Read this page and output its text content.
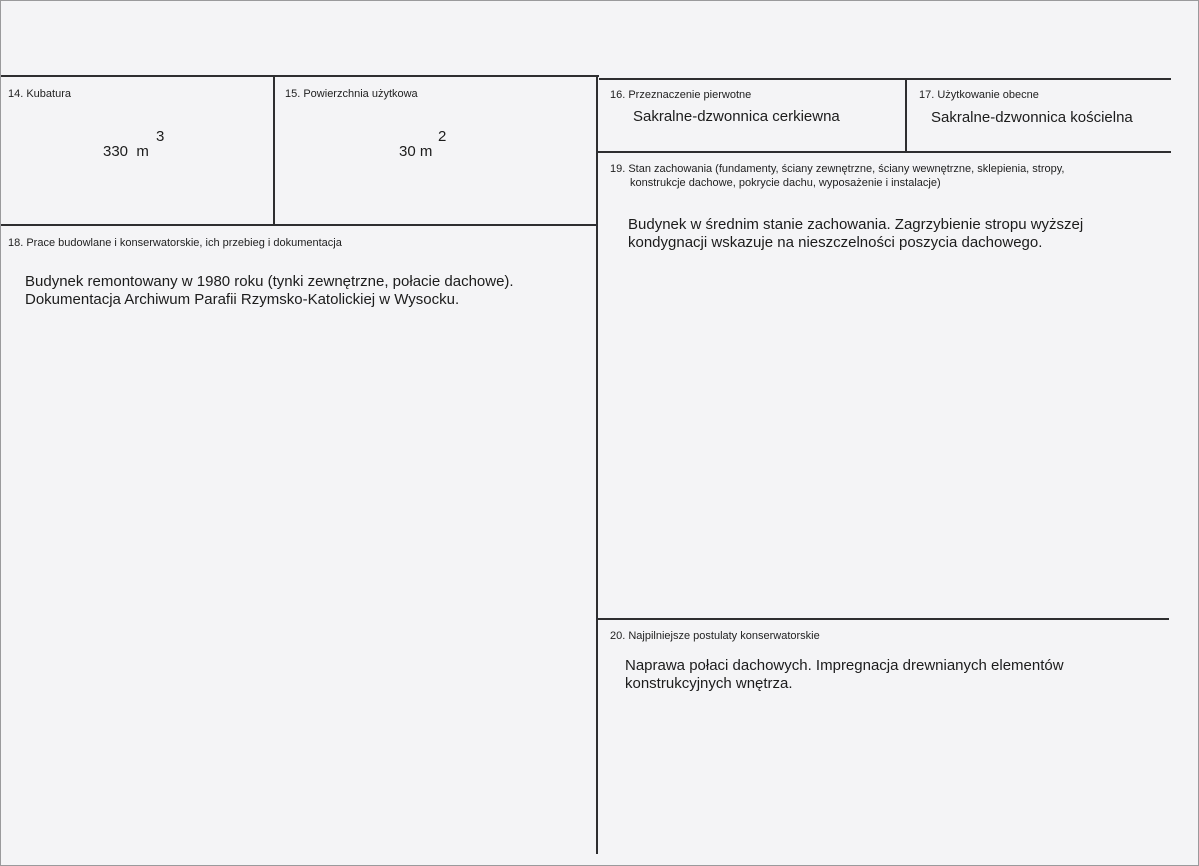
14. Kubatura
330  m
3
15. Powierzchnia użytkowa
30 m
2
16. Przeznaczenie pierwotne
Sakralne-dzwonnica cerkiewna
17. Użytkowanie obecne
Sakralne-dzwonnica kościelna
18. Prace budowlane i konserwatorskie, ich przebieg i dokumentacja
Budynek remontowany w 1980 roku (tynki zewnętrzne, połacie dachowe).
Dokumentacja Archiwum Parafii Rzymsko-Katolickiej w Wysocku.
19. Stan zachowania (fundamenty, ściany zewnętrzne, ściany wewnętrzne, sklepienia, stropy,
konstrukcje dachowe, pokrycie dachu, wyposażenie i instalacje)
Budynek w średnim stanie zachowania. Zagrzybienie stropu wyższej
kondygnacji wskazuje na nieszczelności poszycia dachowego.
20. Najpilniejsze postulaty konserwatorskie
Naprawa połaci dachowych. Impregnacja drewnianych elementów
konstrukcyjnych wnętrza.
